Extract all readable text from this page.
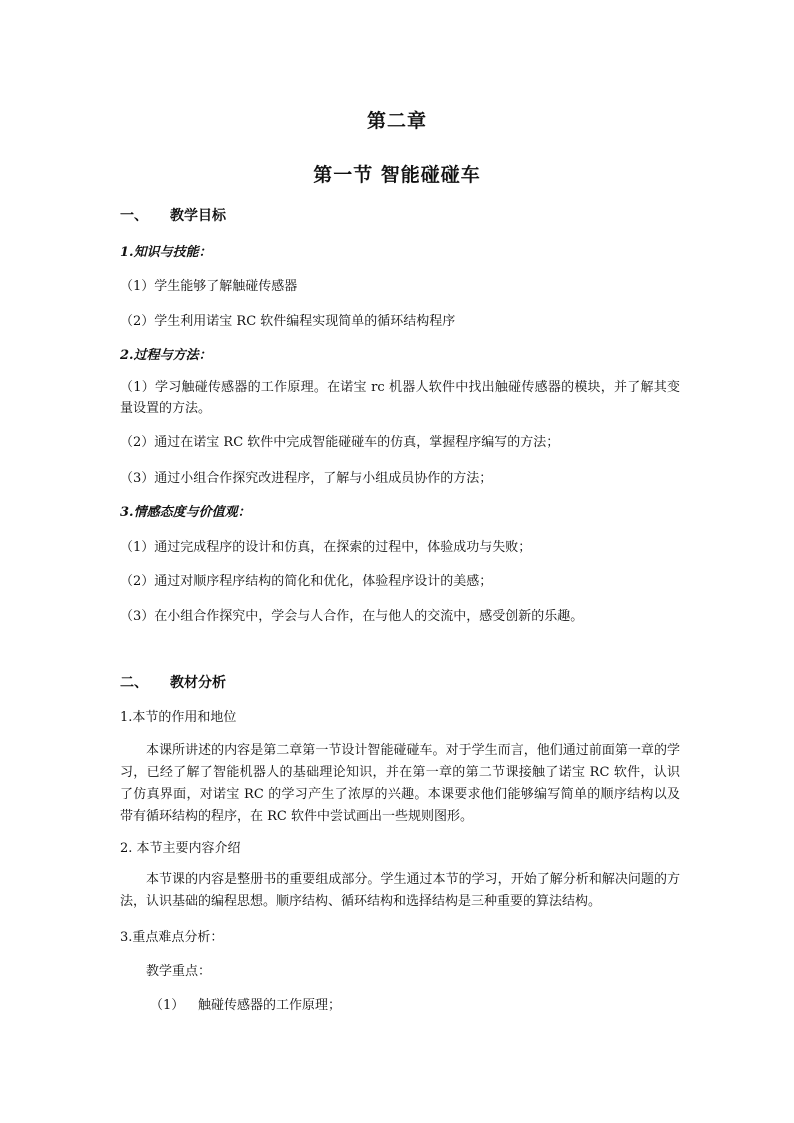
第二章
第一节 智能碰碰车
一、 教学目标
1.知识与技能：
（1）学生能够了解触碰传感器
（2）学生利用诺宝 RC 软件编程实现简单的循环结构程序
2.过程与方法：
（1）学习触碰传感器的工作原理。在诺宝 rc 机器人软件中找出触碰传感器的模块，并了解其变量设置的方法。
（2）通过在诺宝 RC 软件中完成智能碰碰车的仿真，掌握程序编写的方法；
（3）通过小组合作探究改进程序，了解与小组成员协作的方法；
3.情感态度与价值观：
（1）通过完成程序的设计和仿真，在探索的过程中，体验成功与失败；
（2）通过对顺序程序结构的简化和优化，体验程序设计的美感；
（3）在小组合作探究中，学会与人合作，在与他人的交流中，感受创新的乐趣。
二、 教材分析
1.本节的作用和地位
本课所讲述的内容是第二章第一节设计智能碰碰车。对于学生而言，他们通过前面第一章的学习，已经了解了智能机器人的基础理论知识，并在第一章的第二节课接触了诺宝 RC 软件，认识了仿真界面，对诺宝 RC 的学习产生了浓厚的兴趣。本课要求他们能够编写简单的顺序结构以及带有循环结构的程序，在 RC 软件中尝试画出一些规则图形。
2. 本节主要内容介绍
本节课的内容是整册书的重要组成部分。学生通过本节的学习，开始了解分析和解决问题的方法，认识基础的编程思想。顺序结构、循环结构和选择结构是三种重要的算法结构。
3.重点难点分析：
教学重点：
（1） 触碰传感器的工作原理；
